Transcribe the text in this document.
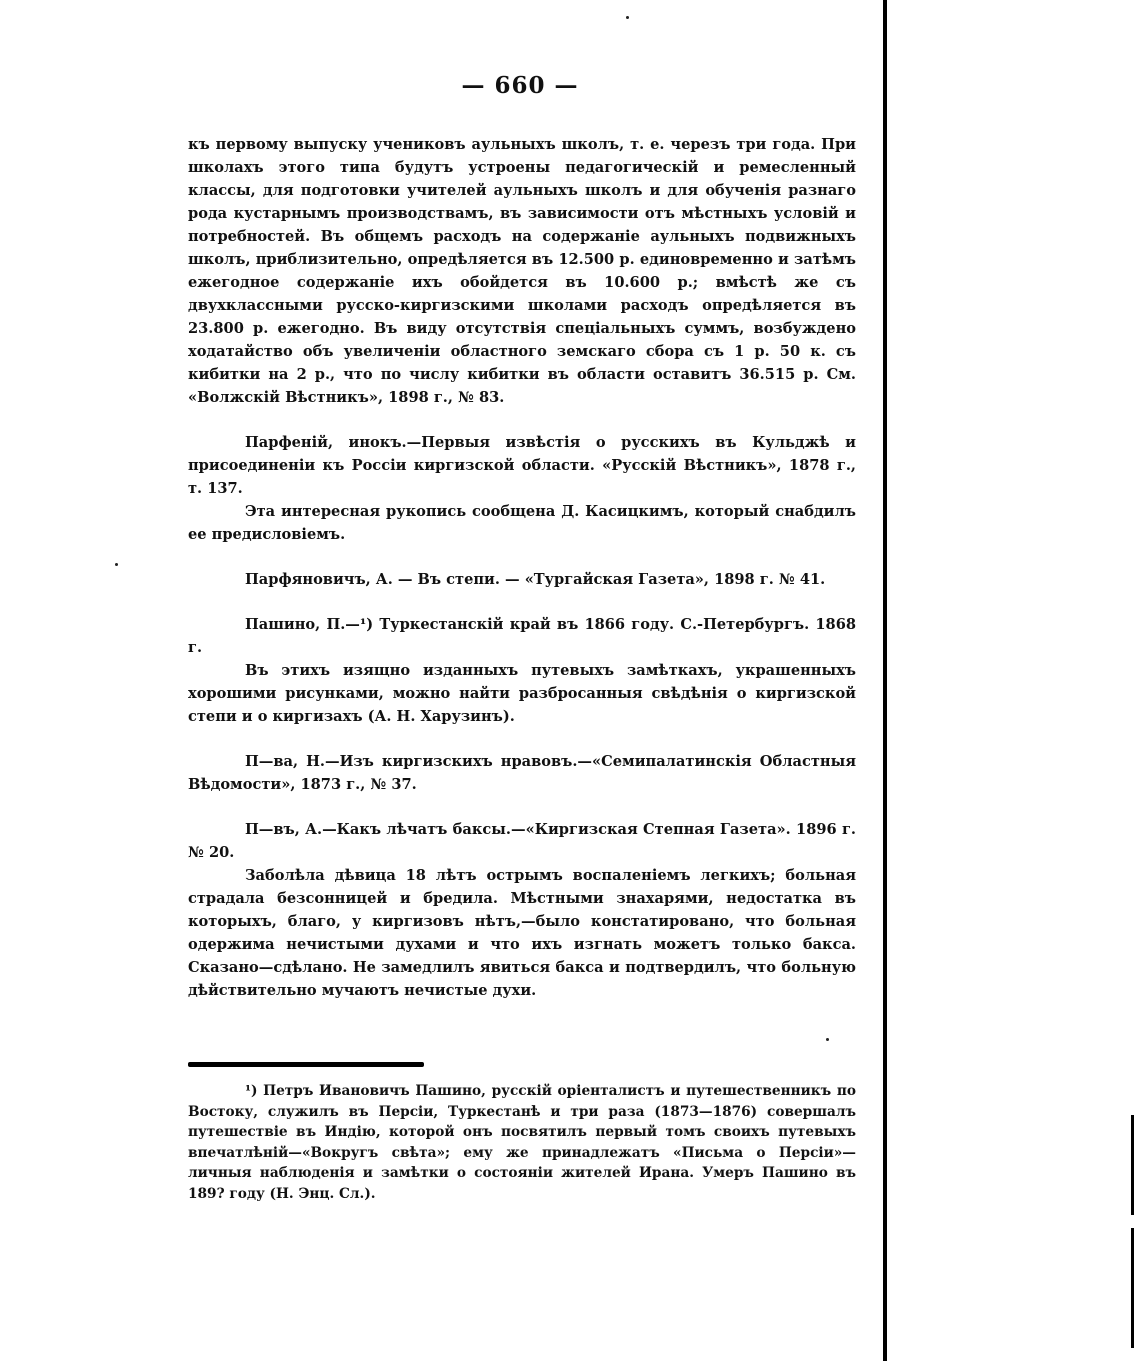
— 660 —

къ первому выпуску учениковъ аульныхъ школъ, т. е. черезъ три года. При школахъ этого типа будутъ устроены педагогическій и ремесленный классы, для подготовки учителей аульныхъ школъ и для обученія разнаго рода кустарнымъ производствамъ, въ зависимости отъ мѣстныхъ условій и потребностей. Въ общемъ расходъ на содержаніе аульныхъ подвижныхъ школъ, приблизительно, опредѣляется въ 12.500 р. единовременно и затѣмъ ежегодное содержаніе ихъ обойдется въ 10.600 р.; вмѣстѣ же съ двухклассными русско-киргизскими школами расходъ опредѣляется въ 23.800 р. ежегодно. Въ виду отсутствія спеціальныхъ суммъ, возбуждено ходатайство объ увеличеніи областного земскаго сбора съ 1 р. 50 к. съ кибитки на 2 р., что по числу кибитки въ области оставитъ 36.515 р. См. «Волжскій Вѣстникъ», 1898 г., № 83.

Парфеній, инокъ.—Первыя извѣстія о русскихъ въ Кульджѣ и присоединеніи къ Россіи киргизской области. «Русскій Вѣстникъ», 1878 г., т. 137.

Эта интересная рукопись сообщена Д. Касицкимъ, который снабдилъ ее предисловіемъ.

Парфяновичъ, А. — Въ степи. — «Тургайская Газета», 1898 г. № 41.

Пашино, П.—¹) Туркестанскій край въ 1866 году. С.-Петербургъ. 1868 г.

Въ этихъ изящно изданныхъ путевыхъ замѣткахъ, украшенныхъ хорошими рисунками, можно найти разбросанныя свѣдѣнія о киргизской степи и о киргизахъ (А. Н. Харузинъ).

П—ва, Н.—Изъ киргизскихъ нравовъ.—«Семипалатинскія Областныя Вѣдомости», 1873 г., № 37.

П—въ, А.—Какъ лѣчатъ баксы.—«Киргизская Степная Газета». 1896 г. № 20.

Заболѣла дѣвица 18 лѣтъ острымъ воспаленіемъ легкихъ; больная страдала безсонницей и бредила. Мѣстными знахарями, недостатка въ которыхъ, благо, у киргизовъ нѣтъ,—было констатировано, что больная одержима нечистыми духами и что ихъ изгнать можетъ только бакса. Сказано—сдѣлано. Не замедлилъ явиться бакса и подтвердилъ, что больную дѣйствительно мучаютъ нечистые духи.

¹) Петръ Ивановичъ Пашино, русскій оріенталистъ и путешественникъ по Востоку, служилъ въ Персіи, Туркестанѣ и три раза (1873—1876) совершалъ путешествіе въ Индію, которой онъ посвятилъ первый томъ своихъ путевыхъ впечатлѣній—«Вокругъ свѣта»; ему же принадлежатъ «Письма о Персіи»—личныя наблюденія и замѣтки о состояніи жителей Ирана. Умеръ Пашино въ 189? году (Н. Энц. Сл.).
